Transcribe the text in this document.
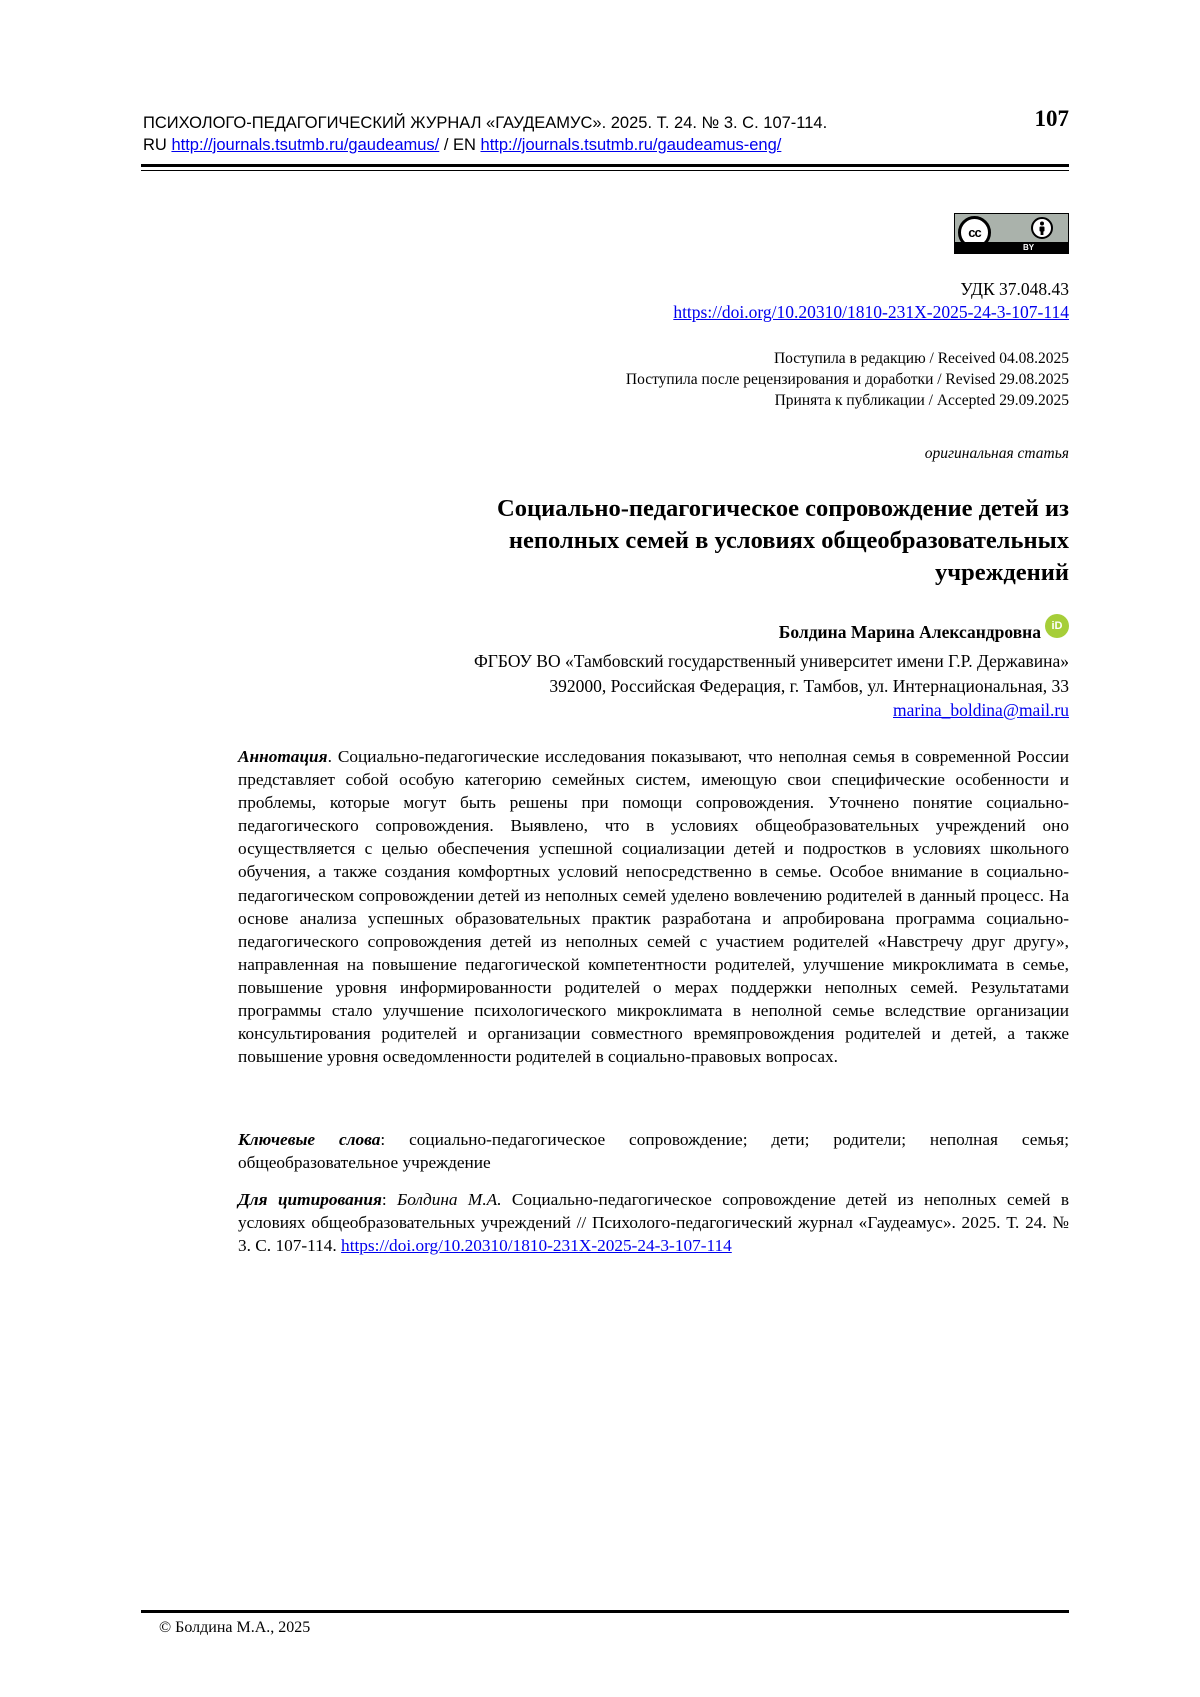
ПСИХОЛОГО-ПЕДАГОГИЧЕСКИЙ ЖУРНАЛ «ГАУДЕАМУС». 2025. Т. 24. № 3. С. 107-114.
RU http://journals.tsutmb.ru/gaudeamus/ / EN http://journals.tsutmb.ru/gaudeamus-eng/
107
cc
BY
УДК 37.048.43
https://doi.org/10.20310/1810-231X-2025-24-3-107-114
Поступила в редакцию / Received 04.08.2025
Поступила после рецензирования и доработки / Revised 29.08.2025
Принята к публикации / Accepted 29.09.2025
оригинальная статья
Социально-педагогическое сопровождение детей из неполных семей в условиях общеобразовательных учреждений
Болдина Марина Александровна iD
ФГБОУ ВО «Тамбовский государственный университет имени Г.Р. Державина»
392000, Российская Федерация, г. Тамбов, ул. Интернациональная, 33
marina_boldina@mail.ru
Аннотация. Социально-педагогические исследования показывают, что неполная семья в современной России представляет собой особую категорию семейных систем, имеющую свои специфические особенности и проблемы, которые могут быть решены при помощи сопровождения. Уточнено понятие социально-педагогического сопровождения. Выявлено, что в условиях общеобразовательных учреждений оно осуществляется с целью обеспечения успешной социализации детей и подростков в условиях школьного обучения, а также создания комфортных условий непосредственно в семье. Особое внимание в социально-педагогическом сопровождении детей из неполных семей уделено вовлечению родителей в данный процесс. На основе анализа успешных образовательных практик разработана и апробирована программа социально-педагогического сопровождения детей из неполных семей с участием родителей «Навстречу друг другу», направленная на повышение педагогической компетентности родителей, улучшение микроклимата в семье, повышение уровня информированности родителей о мерах поддержки неполных семей. Результатами программы стало улучшение психологического микроклимата в неполной семье вследствие организации консультирования родителей и организации совместного времяпровождения родителей и детей, а также повышение уровня осведомленности родителей в социально-правовых вопросах.
Ключевые слова: социально-педагогическое сопровождение; дети; родители; неполная семья; общеобразовательное учреждение
Для цитирования: Болдина М.А. Социально-педагогическое сопровождение детей из неполных семей в условиях общеобразовательных учреждений // Психолого-педагогический журнал «Гаудеамус». 2025. Т. 24. № 3. С. 107-114. https://doi.org/10.20310/1810-231X-2025-24-3-107-114
© Болдина М.А., 2025
